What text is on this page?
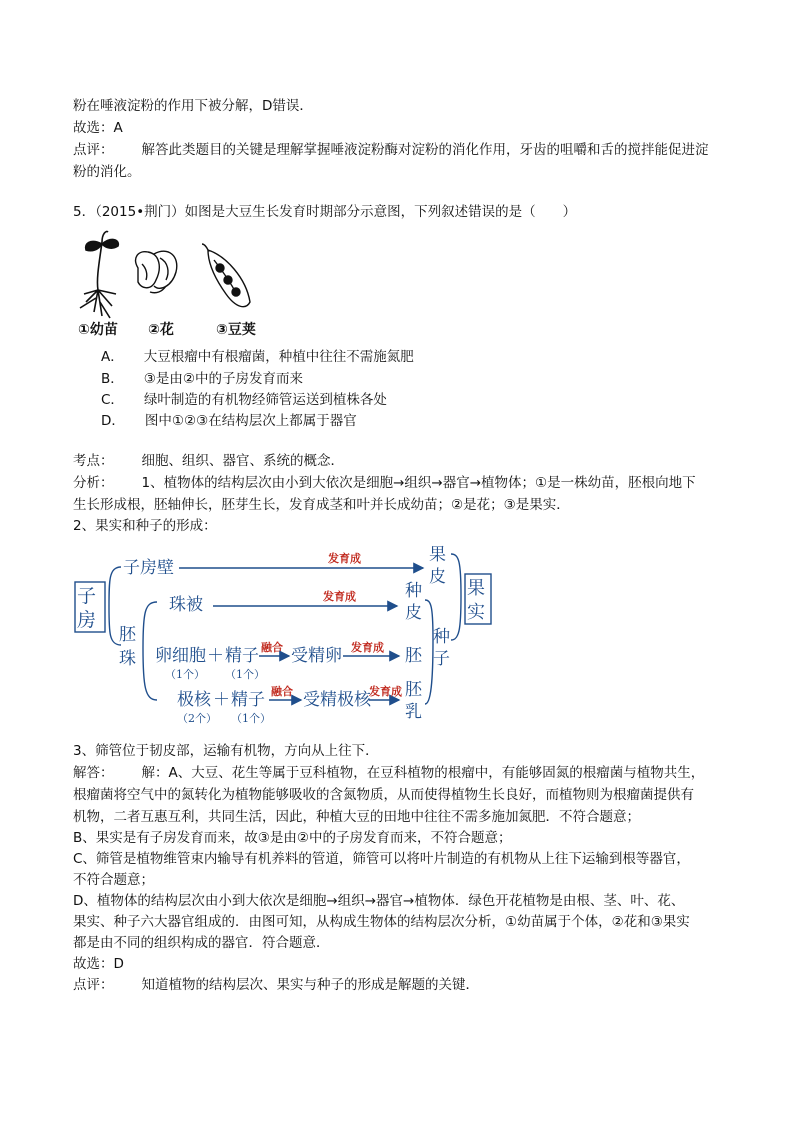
粉在唾液淀粉的作用下被分解，D错误．
故选：A
点评： 解答此类题目的关键是理解掌握唾液淀粉酶对淀粉的消化作用，牙齿的咀嚼和舌的搅拌能促进淀
粉的消化。
5．（2015•荆门）如图是大豆生长发育时期部分示意图，下列叙述错误的是（　　）
①幼苗 ②花	③豆荚
A． 大豆根瘤中有根瘤菌，种植中往往不需施氮肥
B． ③是由②中的子房发育而来
C． 绿叶制造的有机物经筛管运送到植株各处
D． 图中①②③在结构层次上都属于器官
考点： 细胞、组织、器官、系统的概念．
分析： 1、植物体的结构层次由小到大依次是细胞→组织→器官→植物体；①是一株幼苗，胚根向地下
生长形成根，胚轴伸长，胚芽生长，发育成茎和叶并长成幼苗；②是花；③是果实．
2、果实和种子的形成：
子
房
子房壁	发育成	果
皮
胚
珠
珠被	发育成	种
皮
卵细胞 ＋ 精子
（1个） （1个）
融合 受精卵 发育成 胚
极核 ＋ 精子
（2个） （1个）
融合 受精极核
发育成 胚
乳
种
子
果
实
3、筛管位于韧皮部，运输有机物，方向从上往下．
解答： 解：A、大豆、花生等属于豆科植物，在豆科植物的根瘤中，有能够固氮的根瘤菌与植物共生，
根瘤菌将空气中的氮转化为植物能够吸收的含氮物质，从而使得植物生长良好，而植物则为根瘤菌提供有
机物，二者互惠互利，共同生活，因此，种植大豆的田地中往往不需多施加氮肥．不符合题意；
B、果实是有子房发育而来，故③是由②中的子房发育而来，不符合题意；
C、筛管是植物维管束内输导有机养料的管道，筛管可以将叶片制造的有机物从上往下运输到根等器官，
不符合题意；
D、植物体的结构层次由小到大依次是细胞→组织→器官→植物体．绿色开花植物是由根、茎、叶、花、
果实、种子六大器官组成的．由图可知，从构成生物体的结构层次分析，①幼苗属于个体，②花和③果实
都是由不同的组织构成的器官．符合题意．
故选：D
点评： 知道植物的结构层次、果实与种子的形成是解题的关键．
